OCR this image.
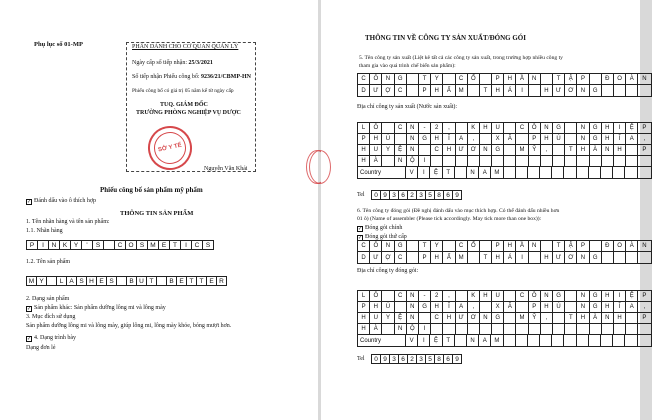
Phụ lục số 01-MP	PHẦN DÀNH CHO CƠ QUAN QUẢN LÝ
Ngày cấp số tiếp nhận: 25/3/2021
Số tiếp nhận Phiếu công bố: 9236/21/CBMP-HN
Phiếu công bố có giá trị 05 năm kể từ ngày cấp
TUQ. GIÁM ĐỐC
TRƯỜNG PHÒNG NGHIỆP VỤ DƯỢC
SỞ Y TẾ
Nguyễn Văn Khải
Phiếu công bố sản phẩm mỹ phẩm
✓ Đánh dấu vào ô thích hợp
THÔNG TIN SẢN PHẨM
1. Tên nhãn hàng và tên sản phẩm:
1.1. Nhãn hàng
P	I	N K	Y	'	S	C O S M E	T	I	C S
1.2. Tên sản phẩm
M Y	L A S H E S	B U T	B E T T E R
2. Dạng sản phẩm
✓ Sản phẩm khác: Sản phẩm dưỡng lông mi và lông mày
3. Mục đích sử dụng
Sản phẩm dưỡng lông mi và lông mày, giúp lông mi, lông mày khỏe, bóng mượt hơn.
✓ 4. Dạng trình bày
Dạng đơn lẻ
THÔNG TIN VỀ CÔNG TY SẢN XUẤT/ĐÓNG GÓI
5. Tên công ty sản xuất (Liệt kê tất cả các công ty sản xuất, trong trường hợp nhiều công ty
tham gia vào quá trình chế biến sản phẩm):
C	Ô	N	G	T	Y	C	Ổ	P	H	Ầ	N	T	Ậ	P	Đ	O	À	N
D	Ư	Ợ	C	P	H	Ẩ	M	T	H	Á	I	H	Ư	Ơ	N	G
Địa chỉ công ty sản xuất (Nước sản xuất):
L	Ô	C	N	-	2	,	K	H	U	C	Ô	N	G	N	G	H	I	Ệ	P
P	H	Ú	N	G	H	Ĩ	A	,	X	Ã	P	H	Ú	N	G	H	Ĩ	A	,
H	U	Y	Ệ	N	C	H	Ư	Ơ	N	G	M	Ỹ	,	T	H	À	N	H	P
H	À	N	Ộ	I
Country	V	I	Ệ	T	N	A	M
Tel	0 9 3 6 2 3 5 8 6 9
6. Tên công ty đóng gói (Đề nghị đánh dấu vào mục thích hợp. Có thể đánh dấu nhiều hơn
01 ô) (Name of assembler (Please tick accordingly. May tick more than one box)):
✓ Đóng gói chính
✓ Đóng gói thứ cấp
C	Ô	N	G	T	Y	C	Ổ	P	H	Ầ	N	T	Ậ	P	Đ	O	À	N
D	Ư	Ợ	C	P	H	Ẩ	M	T	H	Á	I	H	Ư	Ơ	N	G
Địa chỉ công ty đóng gói:
L	Ô	C	N	-	2	,	K	H	U	C	Ô	N	G	N	G	H	I	Ệ	P
P	H	Ú	N	G	H	Ĩ	A	,	X	Ã	P	H	Ú	N	G	H	Ĩ	A	,
H	U	Y	Ệ	N	C	H	Ư	Ơ	N	G	M	Ỹ	,	T	H	À	N	H	P
H	À	N	Ộ	I
Country	V	I	Ệ	T	N	A	M
Tel	0 9 3 6 2 3 5 8 6 9
